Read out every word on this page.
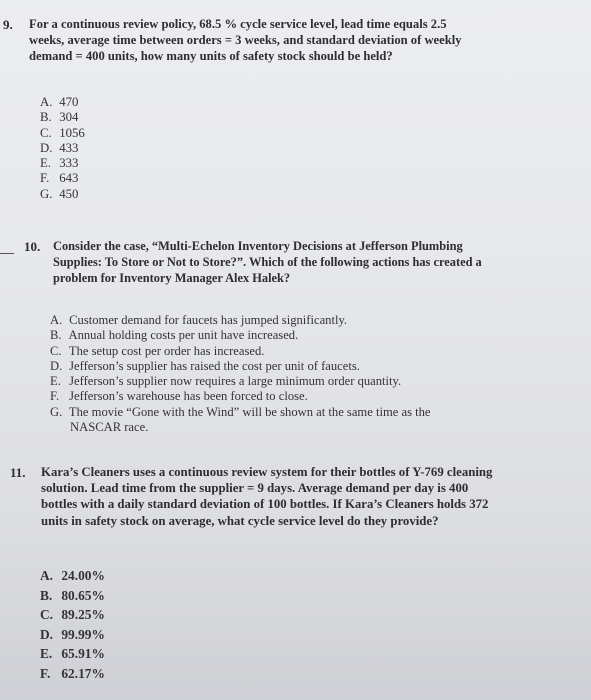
9. For a continuous review policy, 68.5 % cycle service level, lead time equals 2.5
weeks, average time between orders = 3 weeks, and standard deviation of weekly
demand = 400 units, how many units of safety stock should be held?
A. 470
B. 304
C. 1056
D. 433
E. 333
F. 643
G. 450
10. Consider the case, “Multi-Echelon Inventory Decisions at Jefferson Plumbing
Supplies: To Store or Not to Store?”. Which of the following actions has created a
problem for Inventory Manager Alex Halek?
A. Customer demand for faucets has jumped significantly.
B. Annual holding costs per unit have increased.
C. The setup cost per order has increased.
D. Jefferson’s supplier has raised the cost per unit of faucets.
E. Jefferson’s supplier now requires a large minimum order quantity.
F. Jefferson’s warehouse has been forced to close.
G. The movie “Gone with the Wind” will be shown at the same time as the
NASCAR race.
11. Kara’s Cleaners uses a continuous review system for their bottles of Y-769 cleaning
solution. Lead time from the supplier = 9 days. Average demand per day is 400
bottles with a daily standard deviation of 100 bottles. If Kara’s Cleaners holds 372
units in safety stock on average, what cycle service level do they provide?
A. 24.00%
B. 80.65%
C. 89.25%
D. 99.99%
E. 65.91%
F. 62.17%
